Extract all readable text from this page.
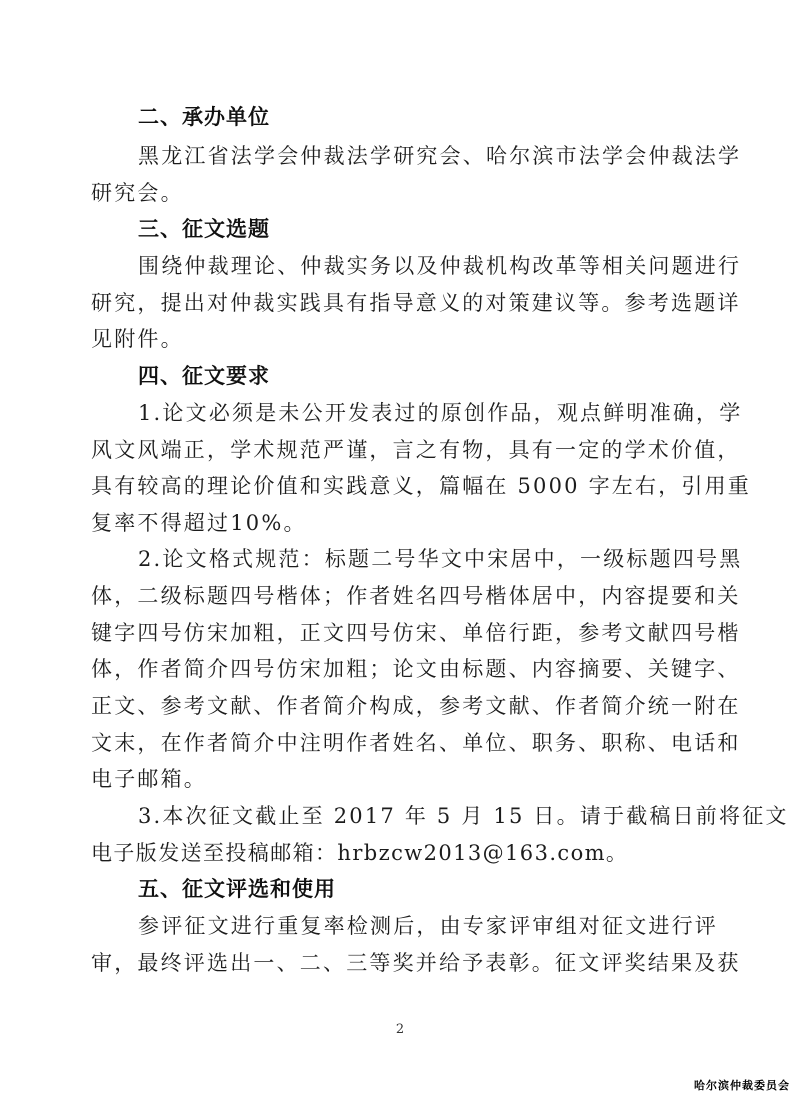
二、承办单位
黑龙江省法学会仲裁法学研究会、哈尔滨市法学会仲裁法学
研究会。
三、征文选题
围绕仲裁理论、仲裁实务以及仲裁机构改革等相关问题进行
研究，提出对仲裁实践具有指导意义的对策建议等。参考选题详
见附件。
四、征文要求
1.论文必须是未公开发表过的原创作品，观点鲜明准确，学
风文风端正，学术规范严谨，言之有物，具有一定的学术价值，
具有较高的理论价值和实践意义，篇幅在 5000 字左右，引用重
复率不得超过10%。
2.论文格式规范：标题二号华文中宋居中，一级标题四号黑
体，二级标题四号楷体；作者姓名四号楷体居中，内容提要和关
键字四号仿宋加粗，正文四号仿宋、单倍行距，参考文献四号楷
体，作者简介四号仿宋加粗；论文由标题、内容摘要、关键字、
正文、参考文献、作者简介构成，参考文献、作者简介统一附在
文末，在作者简介中注明作者姓名、单位、职务、职称、电话和
电子邮箱。
3.本次征文截止至 2017 年 5 月 15 日。请于截稿日前将征文
电子版发送至投稿邮箱：hrbzcw2013@163.com。
五、征文评选和使用
参评征文进行重复率检测后，由专家评审组对征文进行评
审，最终评选出一、二、三等奖并给予表彰。征文评奖结果及获
2
哈尔滨仲裁委员会
